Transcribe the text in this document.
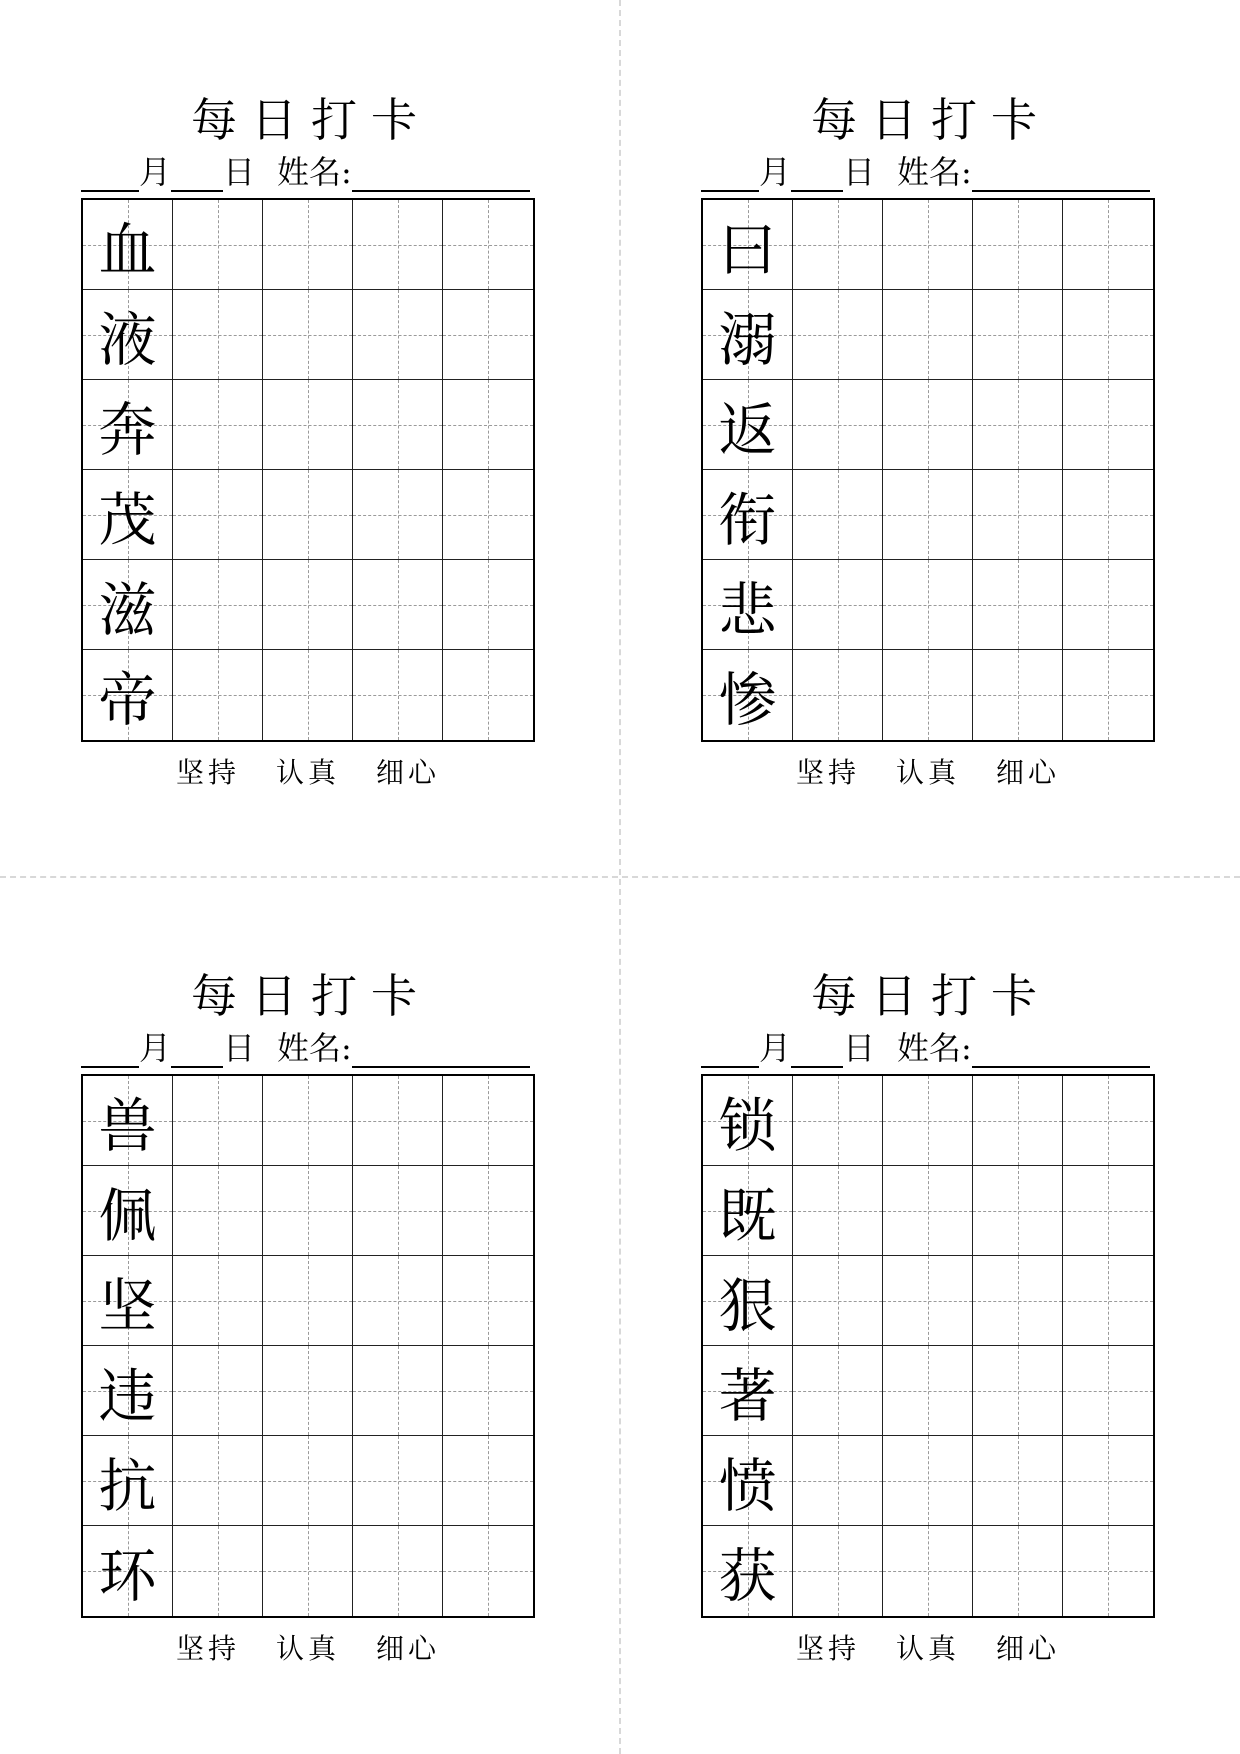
每日打卡
月 日 姓名:
血
液
奔
茂
滋
帝
坚持 认真 细心
每日打卡
月 日 姓名:
曰
溺
返
衔
悲
惨
坚持 认真 细心
每日打卡
月 日 姓名:
兽
佩
坚
违
抗
环
坚持 认真 细心
每日打卡
月 日 姓名:
锁
既
狠
著
愤
获
坚持 认真 细心
